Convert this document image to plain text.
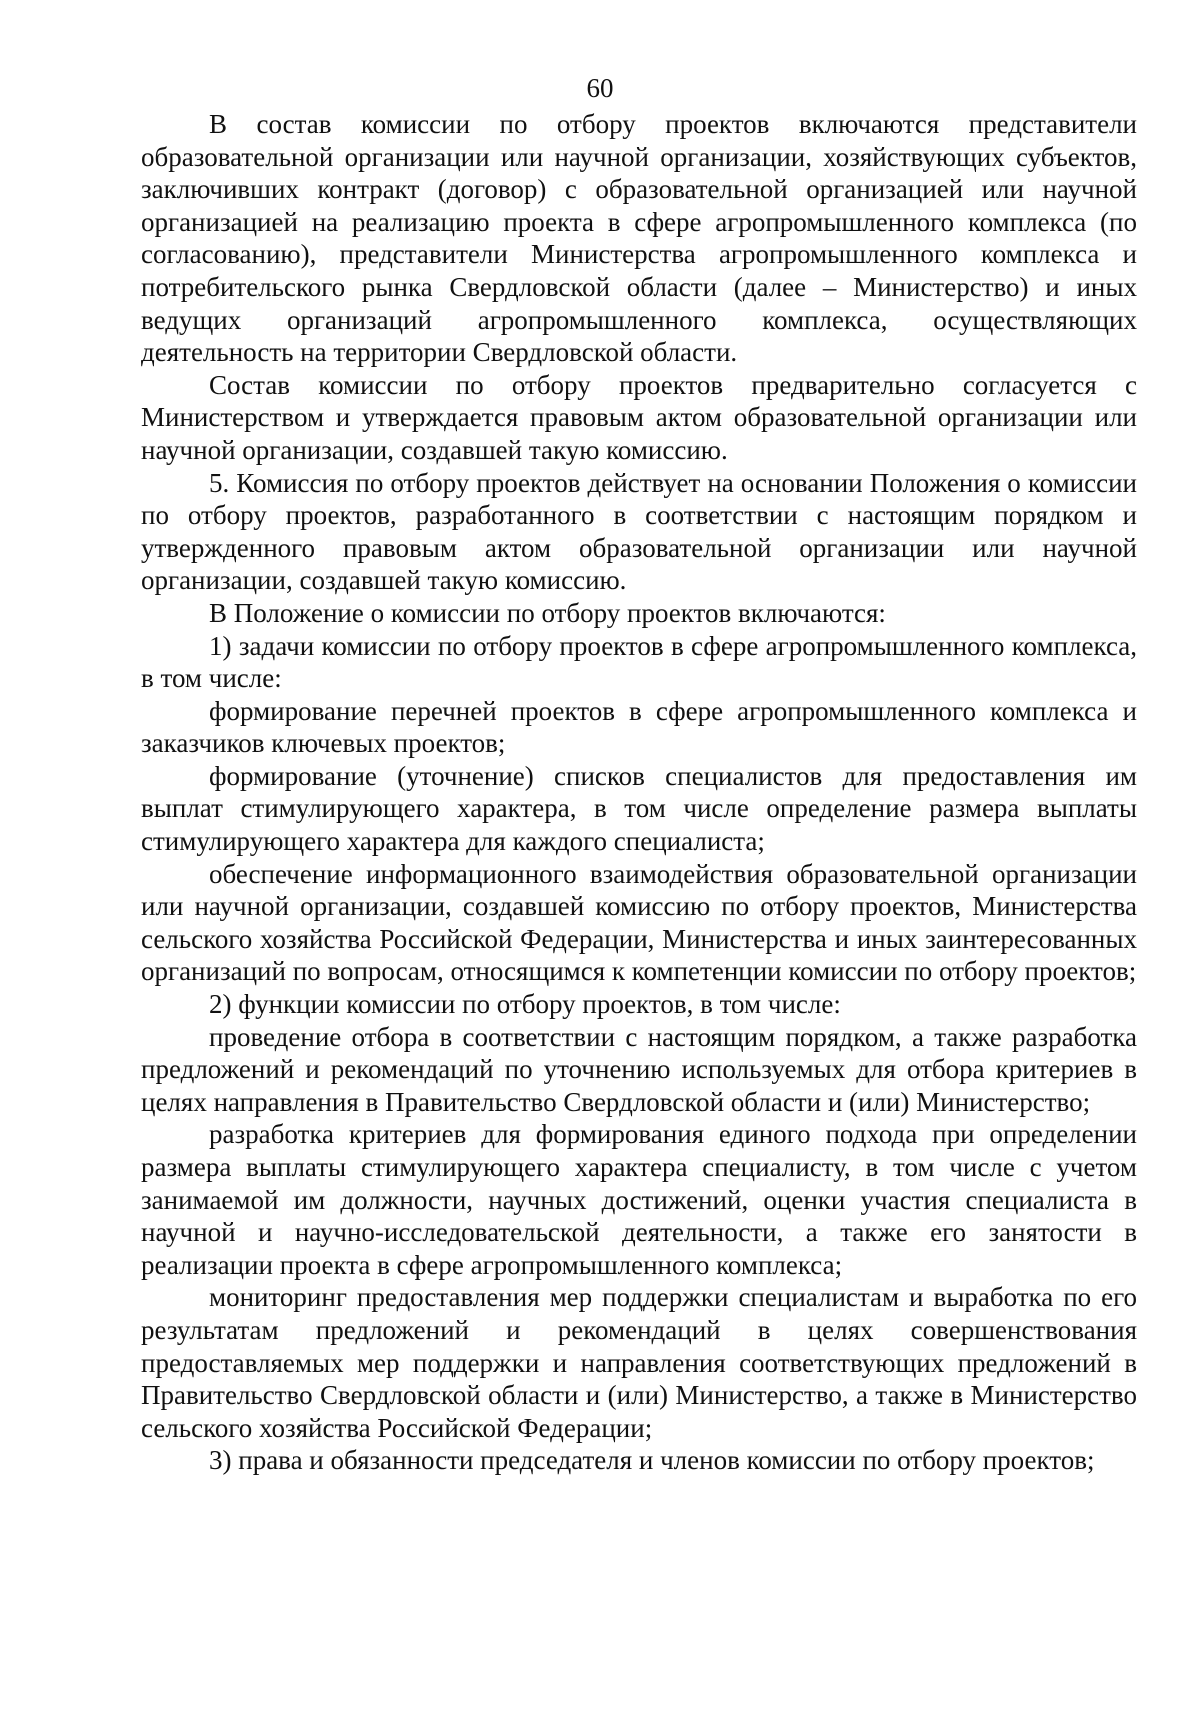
60

В состав комиссии по отбору проектов включаются представители образовательной организации или научной организации, хозяйствующих субъектов, заключивших контракт (договор) с образовательной организацией или научной организацией на реализацию проекта в сфере агропромышленного комплекса (по согласованию), представители Министерства агропромышленного комплекса и потребительского рынка Свердловской области (далее – Министерство) и иных ведущих организаций агропромышленного комплекса, осуществляющих деятельность на территории Свердловской области.

Состав комиссии по отбору проектов предварительно согласуется с Министерством и утверждается правовым актом образовательной организации или научной организации, создавшей такую комиссию.

5. Комиссия по отбору проектов действует на основании Положения о комиссии по отбору проектов, разработанного в соответствии с настоящим порядком и утвержденного правовым актом образовательной организации или научной организации, создавшей такую комиссию.

В Положение о комиссии по отбору проектов включаются:

1) задачи комиссии по отбору проектов в сфере агропромышленного комплекса, в том числе:

формирование перечней проектов в сфере агропромышленного комплекса и заказчиков ключевых проектов;

формирование (уточнение) списков специалистов для предоставления им выплат стимулирующего характера, в том числе определение размера выплаты стимулирующего характера для каждого специалиста;

обеспечение информационного взаимодействия образовательной организации или научной организации, создавшей комиссию по отбору проектов, Министерства сельского хозяйства Российской Федерации, Министерства и иных заинтересованных организаций по вопросам, относящимся к компетенции комиссии по отбору проектов;

2) функции комиссии по отбору проектов, в том числе:

проведение отбора в соответствии с настоящим порядком, а также разработка предложений и рекомендаций по уточнению используемых для отбора критериев в целях направления в Правительство Свердловской области и (или) Министерство;

разработка критериев для формирования единого подхода при определении размера выплаты стимулирующего характера специалисту, в том числе с учетом занимаемой им должности, научных достижений, оценки участия специалиста в научной и научно-исследовательской деятельности, а также его занятости в реализации проекта в сфере агропромышленного комплекса;

мониторинг предоставления мер поддержки специалистам и выработка по его результатам предложений и рекомендаций в целях совершенствования предоставляемых мер поддержки и направления соответствующих предложений в Правительство Свердловской области и (или) Министерство, а также в Министерство сельского хозяйства Российской Федерации;

3) права и обязанности председателя и членов комиссии по отбору проектов;
